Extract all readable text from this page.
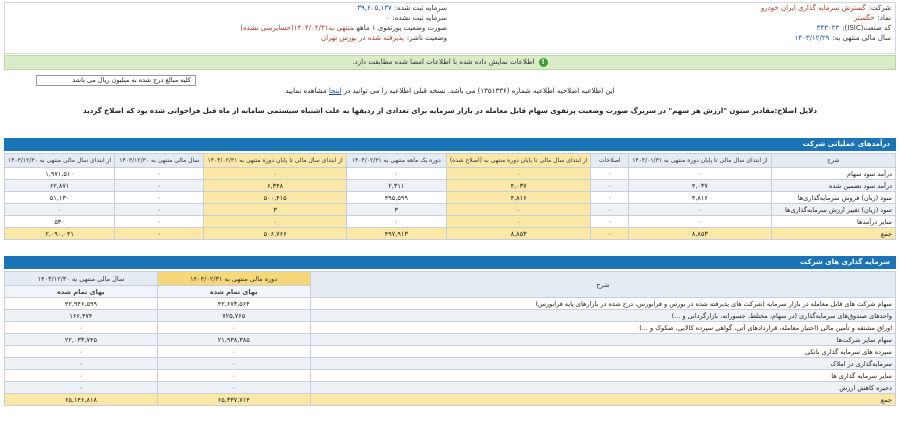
شرکت:گسترش سرمایه گذاری ایران خودرو
نماد:خگستر
کد صنعت(ISIC):۳۴۳۰۲۳
سال مالی منتهی به:۱۴۰۳/۱۲/۲۹
سرمایه ثبت شده:۳۹,۶۰۵,۱۳۷
سرمایه ثبت نشده:۰
صورت وضعیت پورتفوی ۱ ماههمنتهی به۱۴۰۴/۰۲/۳۱(حسابرسی نشده)
وضعیت ناشر:پذیرفته شده در بورس تهران
!اطلاعات نمایش داده شده با اطلاعات امضا شده مطابقت دارد.
کلیه مبالغ درج شده به میلیون ریال می باشد
این اطلاعیه اصلاحیه اطلاعیه شماره (۱۳۵۱۳۳۶) می باشد. نسخه قبلی اطلاعیه را می توانید در اینجا مشاهده نمایید
دلایل اصلاح:مقادیر ستون "ارزش هر سهم" در سربرگ صورت وضعیت پرتفوی سهام قابل معامله در بازار سرمایه برای تعدادی از ردیفها به علت اشتباه سیستمی سامانه از ماه قبل فراخوانی شده بود که اصلاح گردید
درآمدهای عملیاتی شرکت
شرح	از ابتدای سال مالی تا پایان دوره منتهی به ۱۴۰۴/۰۱/۳۱	اصلاحات	از ابتدای سال مالی تا پایان دوره منتهی به (اصلاح شده)	دوره یک ماهه منتهی به ۱۴۰۴/۰۲/۳۱	از ابتدای سال مالی تا پایان دوره منتهی به ۱۴۰۴/۰۲/۳۱	سال مالی منتهی به ۱۴۰۳/۱۲/۳۰	از ابتدای سال مالی منتهی به ۱۴۰۳/۱۲/۳۰
درآمد سود سهام	۰	۰	۰	۰	۰	۰	۱,۹۷۱,۵۱۰
درآمد سود تضمین شده	۴,۰۳۷	۰	۴,۰۳۷	۲,۳۱۱	۶,۳۴۸	۰	۶۲,۸۷۱
سود (زیان) فروش سرمایه‌گذاری‌ها	۴,۸۱۶	۰	۴,۸۱۶	۴۹۵,۵۹۹	۵۰۰,۴۱۵	۰	۵۱,۱۳۰
سود (زیان) تغییر ارزش سرمایه‌گذاری‌ها	۰	۰	۰	۳	۳	۰	۰
سایر درآمدها	۰	۰	۰	۰	۰	۰	۵۳۰
جمع	۸,۸۵۳	۰	۸,۸۵۳	۴۹۷,۹۱۳	۵۰۶,۷۶۶	۰	۲,۰۹۰,۰۴۱
سرمایه گذاری های شرکت
شرح	دوره مالی منتهی به ۱۴۰۴/۰۲/۳۱	سال مالی منتهی به ۱۴۰۳/۱۲/۳۰
	بهای تمام شده	بهای تمام شده
سهام شرکت های قابل معامله در بازار سرمایه (شرکت های پذیرفته شده در بورس و فرابورس، درج شده در بازارهای پایه فرابورس)	۴۲,۶۷۳,۵۶۴	۴۲,۹۴۶,۵۹۹
واحدهای صندوق‌های سرمایه‌گذاری (در سهام، مختلط، جسورانه، بازارگردانی و ...)	۷۲۵,۷۶۵	۱۶۶,۴۷۴
اوراق مشتقه و تأمین مالی (اختیار معامله، قراردادهای آتی، گواهی سپرده کالایی، صکوک و ...)	۰	۰
سهام سایر شرکت‌ها	۲۱,۹۳۸,۳۸۵	۲۲,۰۳۳,۷۴۵
سپرده های سرمایه گذاری بانکی	۰	۰
سرمایه‌گذاری در املاک	۰	۰
سایر سرمایه گذاری ها	۰	۰
ذخیره کاهش ارزش	۰	۰
جمع	۶۵,۳۳۷,۷۱۴	۶۵,۱۴۶,۸۱۸
